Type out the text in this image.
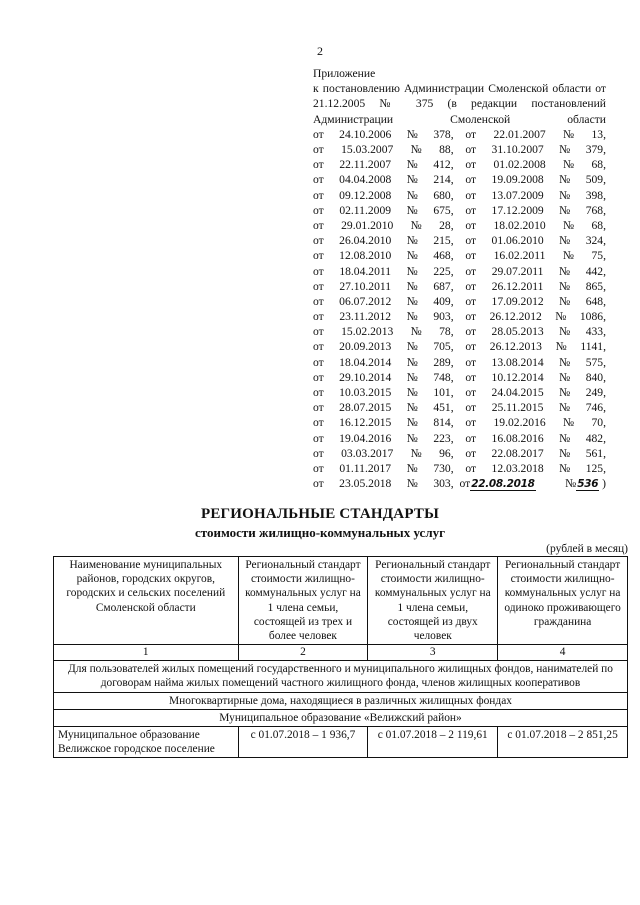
2
Приложение
к постановлению Администрации Смоленской области от 21.12.2005 № 375 (в редакции постановлений Администрации Смоленской области
от 24.10.2006 № 378, от 22.01.2007 № 13,
от 15.03.2007 № 88, от 31.10.2007 № 379,
от 22.11.2007 № 412, от 01.02.2008 № 68,
от 04.04.2008 № 214, от 19.09.2008 № 509,
от 09.12.2008 № 680, от 13.07.2009 № 398,
от 02.11.2009 № 675, от 17.12.2009 № 768,
от 29.01.2010 № 28, от 18.02.2010 № 68,
от 26.04.2010 № 215, от 01.06.2010 № 324,
от 12.08.2010 № 468, от 16.02.2011 № 75,
от 18.04.2011 № 225, от 29.07.2011 № 442,
от 27.10.2011 № 687, от 26.12.2011 № 865,
от 06.07.2012 № 409, от 17.09.2012 № 648,
от 23.11.2012 № 903, от 26.12.2012 № 1086,
от 15.02.2013 № 78, от 28.05.2013 № 433,
от 20.09.2013 № 705, от 26.12.2013 № 1141,
от 18.04.2014 № 289, от 13.08.2014 № 575,
от 29.10.2014 № 748, от 10.12.2014 № 840,
от 10.03.2015 № 101, от 24.04.2015 № 249,
от 28.07.2015 № 451, от 25.11.2015 № 746,
от 16.12.2015 № 814, от 19.02.2016 № 70,
от 19.04.2016 № 223, от 16.08.2016 № 482,
от 03.03.2017 № 96, от 22.08.2017 № 561,
от 01.11.2017 № 730, от 12.03.2018 № 125,
от 23.05.2018 № 303, от22.08.2018	№536 )
РЕГИОНАЛЬНЫЕ СТАНДАРТЫ
стоимости жилищно-коммунальных услуг
(рублей в месяц)
Наименование муниципальных районов, городских округов, городских и сельских поселений Смоленской области	Региональный стандарт стоимости жилищно-коммунальных услуг на 1 члена семьи, состоящей из трех и более человек	Региональный стандарт стоимости жилищно-коммунальных услуг на 1 члена семьи, состоящей из двух человек	Региональный стандарт стоимости жилищно-коммунальных услуг на одиноко проживающего гражданина
1	2	3	4
Для пользователей жилых помещений государственного и муниципального жилищных фондов, нанимателей по договорам найма жилых помещений частного жилищного фонда, членов жилищных кооперативов			
Многоквартирные дома, находящиеся в различных жилищных фондах			
Муниципальное образование «Велижский район»			
Муниципальное образование Велижское городское поселение	с 01.07.2018 – 1 936,7	с 01.07.2018 – 2 119,61	с 01.07.2018 – 2 851,25
